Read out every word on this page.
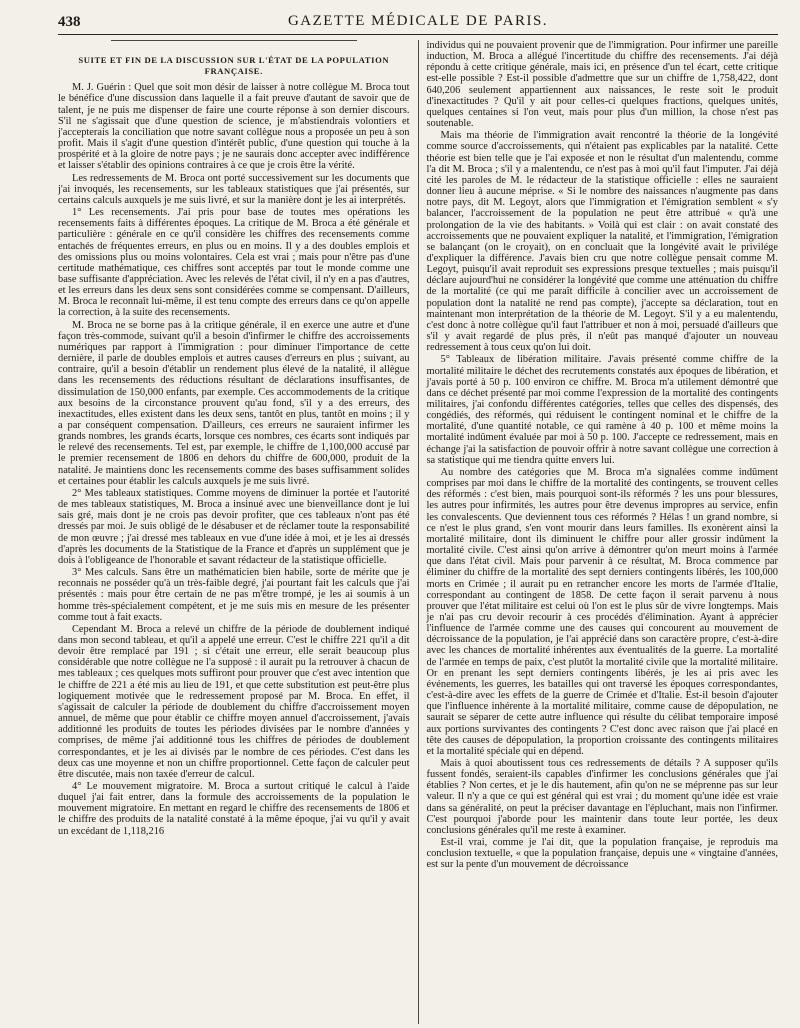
438	GAZETTE MÉDICALE DE PARIS.
SUITE ET FIN DE LA DISCUSSION SUR L'ÉTAT DE LA POPULATION FRANÇAISE.

M. J. Guérin : Quel que soit mon désir de laisser à notre collègue M. Broca tout le bénéfice d'une discussion dans laquelle il a fait preuve d'autant de savoir que de talent, je ne puis me dispenser de faire une courte réponse à son dernier discours. S'il ne s'agissait que d'une question de science, je m'abstiendrais volontiers et j'accepterais la conciliation que notre savant collègue nous a proposée un peu à son profit. Mais il s'agit d'une question d'intérêt public, d'une question qui touche à la prospérité et à la gloire de notre pays ; je ne saurais donc accepter avec indifférence et laisser s'établir des opinions contraires à ce que je crois être la vérité.

Les redressements de M. Broca ont porté successivement sur les documents que j'ai invoqués, les recensements, sur les tableaux statistiques que j'ai présentés, sur certains calculs auxquels je me suis livré, et sur la manière dont je les ai interprétés.

1° Les recensements. J'ai pris pour base de toutes mes opérations les recensements faits à différentes époques. La critique de M. Broca a été générale et particulière : générale en ce qu'il considère les chiffres des recensements comme entachés de fréquentes erreurs, en plus ou en moins. Il y a des doubles emplois et des omissions plus ou moins volontaires. Cela est vrai ; mais pour n'être pas d'une certitude mathématique, ces chiffres sont acceptés par tout le monde comme une base suffisante d'appréciation. Avec les relevés de l'état civil, il n'y en a pas d'autres, et les erreurs dans les deux sens sont considérées comme se compensant. D'ailleurs, M. Broca le reconnaît lui-même, il est tenu compte des erreurs dans ce qu'on appelle la correction, à la suite des recensements.

M. Broca ne se borne pas à la critique générale, il en exerce une autre et d'une façon très-commode, suivant qu'il a besoin d'infirmer le chiffre des accroissements numériques par rapport à l'immigration : pour diminuer l'importance de cette dernière, il parle de doubles emplois et autres causes d'erreurs en plus ; suivant, au contraire, qu'il a besoin d'établir un rendement plus élevé de la natalité, il allègue dans les recensements des réductions résultant de déclarations insuffisantes, de dissimulation de 150,000 enfants, par exemple. Ces accommodements de la critique aux besoins de la circonstance prouvent qu'au fond, s'il y a des erreurs, des inexactitudes, elles existent dans les deux sens, tantôt en plus, tantôt en moins ; il y a par conséquent compensation. D'ailleurs, ces erreurs ne sauraient infirmer les grands nombres, les grands écarts, lorsque ces nombres, ces écarts sont indiqués par le relevé des recensements. Tel est, par exemple, le chiffre de 1,100,000 accusé par le premier recensement de 1806 en dehors du chiffre de 600,000, produit de la natalité. Je maintiens donc les recensements comme des bases suffisamment solides et certaines pour établir les calculs auxquels je me suis livré.

2° Mes tableaux statistiques. Comme moyens de diminuer la portée et l'autorité de mes tableaux statistiques, M. Broca a insinué avec une bienveillance dont je lui sais gré, mais dont je ne crois pas devoir profiter, que ces tableaux n'ont pas été dressés par moi. Je suis obligé de le désabuser et de réclamer toute la responsabilité de mon œuvre ; j'ai dressé mes tableaux en vue d'une idée à moi, et je les ai dressés d'après les documents de la Statistique de la France et d'après un supplément que je dois à l'obligeance de l'honorable et savant rédacteur de la statistique officielle.

3° Mes calculs. Sans être un mathématicien bien habile, sorte de mérite que je reconnais ne posséder qu'à un très-faible degré, j'ai pourtant fait les calculs que j'ai présentés : mais pour être certain de ne pas m'être trompé, je les ai soumis à un homme très-spécialement compétent, et je me suis mis en mesure de les présenter comme tout à fait exacts.

Cependant M. Broca a relevé un chiffre de la période de doublement indiqué dans mon second tableau, et qu'il a appelé une erreur. C'est le chiffre 221 qu'il a dit devoir être remplacé par 191 ; si c'était une erreur, elle serait beaucoup plus considérable que notre collègue ne l'a supposé : il aurait pu la retrouver à chacun de mes tableaux ; ces quelques mots suffiront pour prouver que c'est avec intention que le chiffre de 221 a été mis au lieu de 191, et que cette substitution est peut-être plus logiquement motivée que le redressement proposé par M. Broca. En effet, il s'agissait de calculer la période de doublement du chiffre d'accroissement moyen annuel, de même que pour établir ce chiffre moyen annuel d'accroissement, j'avais additionné les produits de toutes les périodes divisées par le nombre d'années y comprises, de même j'ai additionné tous les chiffres de périodes de doublement correspondantes, et je les ai divisés par le nombre de ces périodes. C'est dans les deux cas une moyenne et non un chiffre proportionnel. Cette façon de calculer peut être discutée, mais non taxée d'erreur de calcul.

4° Le mouvement migratoire. M. Broca a surtout critiqué le calcul à l'aide duquel j'ai fait entrer, dans la formule des accroissements de la population le mouvement migratoire. En mettant en regard le chiffre des recensements de 1806 et le chiffre des produits de la natalité constaté à la même époque, j'ai vu qu'il y avait un excédant de 1,118,216

individus qui ne pouvaient provenir que de l'immigration. Pour infirmer une pareille induction, M. Broca a allégué l'incertitude du chiffre des recensements. J'ai déjà répondu à cette critique générale, mais ici, en présence d'un tel écart, cette critique est-elle possible ? Est-il possible d'admettre que sur un chiffre de 1,758,422, dont 640,206 seulement appartiennent aux naissances, le reste soit le produit d'inexactitudes ? Qu'il y ait pour celles-ci quelques fractions, quelques unités, quelques centaines si l'on veut, mais pour plus d'un million, la chose n'est pas soutenable.

Mais ma théorie de l'immigration avait rencontré la théorie de la longévité comme source d'accroissements, qui n'étaient pas explicables par la natalité. Cette théorie est bien telle que je l'ai exposée et non le résultat d'un malentendu, comme l'a dit M. Broca ; s'il y a malentendu, ce n'est pas à moi qu'il faut l'imputer. J'ai déjà cité les paroles de M. le rédacteur de la statistique officielle : elles ne sauraient donner lieu à aucune méprise. « Si le nombre des naissances n'augmente pas dans notre pays, dit M. Legoyt, alors que l'immigration et l'émigration semblent « s'y balancer, l'accroissement de la population ne peut être attribué « qu'à une prolongation de la vie des habitants. » Voilà qui est clair : on avait constaté des accroissements que ne pouvaient expliquer la natalité, et l'immigration, l'émigration se balançant (on le croyait), on en concluait que la longévité avait le privilége d'expliquer la différence. J'avais bien cru que notre collègue pensait comme M. Legoyt, puisqu'il avait reproduit ses expressions presque textuelles ; mais puisqu'il déclare aujourd'hui ne considérer la longévité que comme une atténuation du chiffre de la mortalité (ce qui me paraît difficile à concilier avec un accroissement de population dont la natalité ne rend pas compte), j'accepte sa déclaration, tout en maintenant mon interprétation de la théorie de M. Legoyt. S'il y a eu malentendu, c'est donc à notre collègue qu'il faut l'attribuer et non à moi, persuadé d'ailleurs que s'il y avait regardé de plus près, il n'eût pas manqué d'ajouter un nouveau redressement à tous ceux qu'on lui doit.

5° Tableaux de libération militaire. J'avais présenté comme chiffre de la mortalité militaire le déchet des recrutements constatés aux époques de libération, et j'avais porté à 50 p. 100 environ ce chiffre. M. Broca m'a utilement démontré que dans ce déchet présenté par moi comme l'expression de la mortalité des contingents militaires, j'ai confondu différentes catégories, telles que celles des dispensés, des congédiés, des réformés, qui réduisent le contingent nominal et le chiffre de la mortalité, d'une quantité notable, ce qui ramène à 40 p. 100 et même moins la mortalité indûment évaluée par moi à 50 p. 100. J'accepte ce redressement, mais en échange j'ai la satisfaction de pouvoir offrir à notre savant collègue une correction à sa statistique qui me tiendra quitte envers lui.

Au nombre des catégories que M. Broca m'a signalées comme indûment comprises par moi dans le chiffre de la mortalité des contingents, se trouvent celles des réformés : c'est bien, mais pourquoi sont-ils réformés ? les uns pour blessures, les autres pour infirmités, les autres pour être devenus impropres au service, enfin les convalescents. Que deviennent tous ces réformés ? Hélas ! un grand nombre, si ce n'est le plus grand, s'en vont mourir dans leurs familles. Ils exonèrent ainsi la mortalité militaire, dont ils diminuent le chiffre pour aller grossir indûment la mortalité civile. C'est ainsi qu'on arrive à démontrer qu'on meurt moins à l'armée que dans l'état civil. Mais pour parvenir à ce résultat, M. Broca commence par éliminer du chiffre de la mortalité des sept derniers contingents libérés, les 100,000 morts en Crimée ; il aurait pu en retrancher encore les morts de l'armée d'Italie, correspondant au contingent de 1858. De cette façon il serait parvenu à nous prouver que l'état militaire est celui où l'on est le plus sûr de vivre longtemps. Mais je n'ai pas cru devoir recourir à ces procédés d'élimination. Ayant à apprécier l'influence de l'armée comme une des causes qui concourent au mouvement de décroissance de la population, je l'ai apprécié dans son caractère propre, c'est-à-dire avec les chances de mortalité inhérentes aux éventualités de la guerre. La mortalité de l'armée en temps de paix, c'est plutôt la mortalité civile que la mortalité militaire. Or en prenant les sept derniers contingents libérés, je les ai pris avec les événements, les guerres, les batailles qui ont traversé les époques correspondantes, c'est-à-dire avec les effets de la guerre de Crimée et d'Italie. Est-il besoin d'ajouter que l'influence inhérente à la mortalité militaire, comme cause de dépopulation, ne saurait se séparer de cette autre influence qui résulte du célibat temporaire imposé aux portions survivantes des contingents ? C'est donc avec raison que j'ai placé en tête des causes de dépopulation, la proportion croissante des contingents militaires et la mortalité spéciale qui en dépend.

Mais à quoi aboutissent tous ces redressements de détails ? A supposer qu'ils fussent fondés, seraient-ils capables d'infirmer les conclusions générales que j'ai établies ? Non certes, et je le dis hautement, afin qu'on ne se méprenne pas sur leur valeur. Il n'y a que ce qui est général qui est vrai ; du moment qu'une idée est vraie dans sa généralité, on peut la préciser davantage en l'épluchant, mais non l'infirmer. C'est pourquoi j'aborde pour les maintenir dans toute leur portée, les deux conclusions générales qu'il me reste à examiner.

Est-il vrai, comme je l'ai dit, que la population française, je reproduis ma conclusion textuelle, « que la population française, depuis une « vingtaine d'années, est sur la pente d'un mouvement de décroissance
